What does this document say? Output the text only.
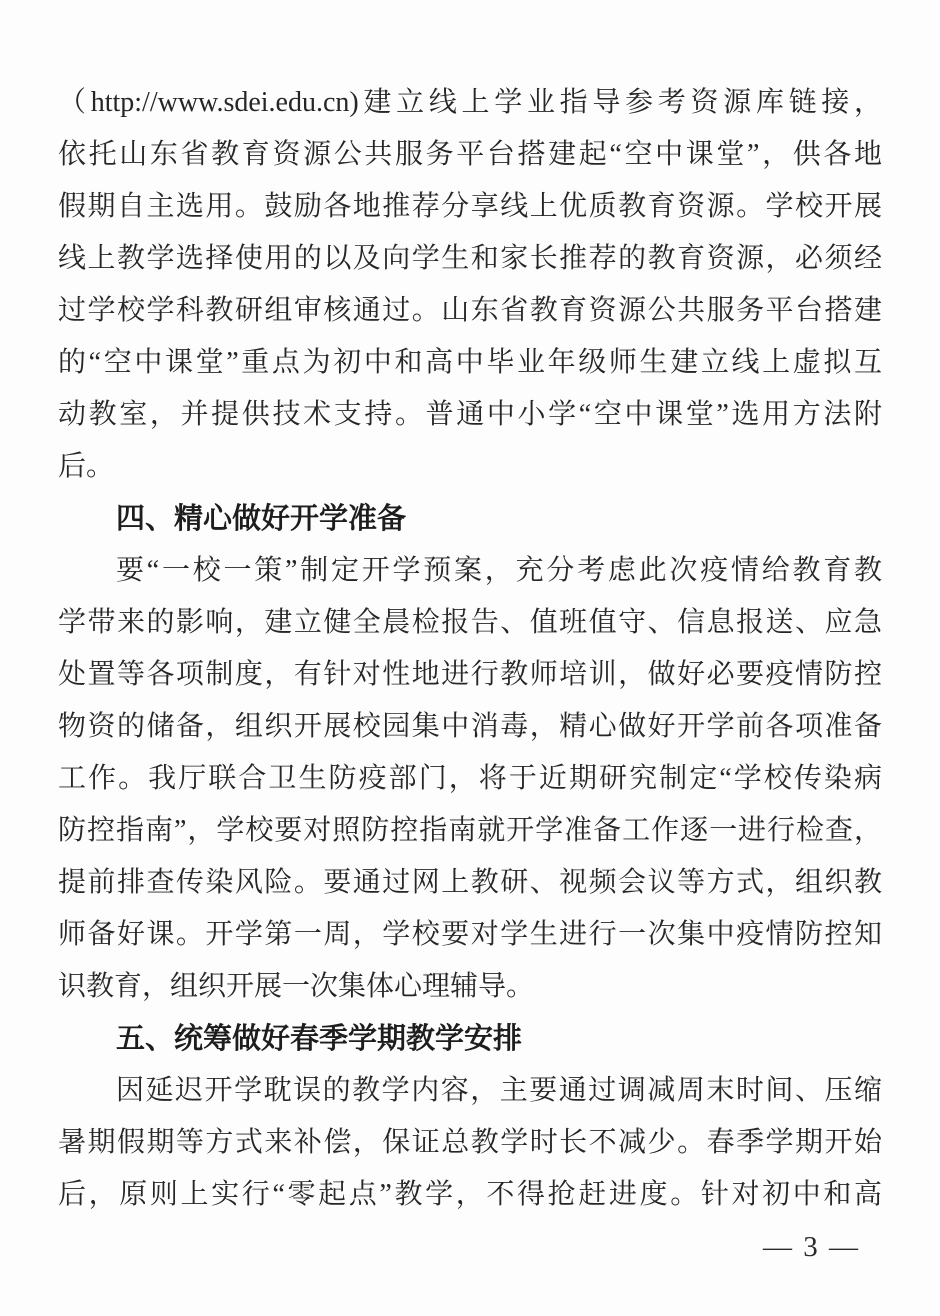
（http://www.sdei.edu.cn)建立线上学业指导参考资源库链接，
依托山东省教育资源公共服务平台搭建起“空中课堂”，供各地
假期自主选用。鼓励各地推荐分享线上优质教育资源。学校开展
线上教学选择使用的以及向学生和家长推荐的教育资源，必须经
过学校学科教研组审核通过。山东省教育资源公共服务平台搭建
的“空中课堂”重点为初中和高中毕业年级师生建立线上虚拟互
动教室，并提供技术支持。普通中小学“空中课堂”选用方法附
后。
四、精心做好开学准备
要“一校一策”制定开学预案，充分考虑此次疫情给教育教
学带来的影响，建立健全晨检报告、值班值守、信息报送、应急
处置等各项制度，有针对性地进行教师培训，做好必要疫情防控
物资的储备，组织开展校园集中消毒，精心做好开学前各项准备
工作。我厅联合卫生防疫部门，将于近期研究制定“学校传染病
防控指南”，学校要对照防控指南就开学准备工作逐一进行检查，
提前排查传染风险。要通过网上教研、视频会议等方式，组织教
师备好课。开学第一周，学校要对学生进行一次集中疫情防控知
识教育，组织开展一次集体心理辅导。
五、统筹做好春季学期教学安排
因延迟开学耽误的教学内容，主要通过调减周末时间、压缩
暑期假期等方式来补偿，保证总教学时长不减少。春季学期开始
后，原则上实行“零起点”教学，不得抢赶进度。针对初中和高
— 3 —
